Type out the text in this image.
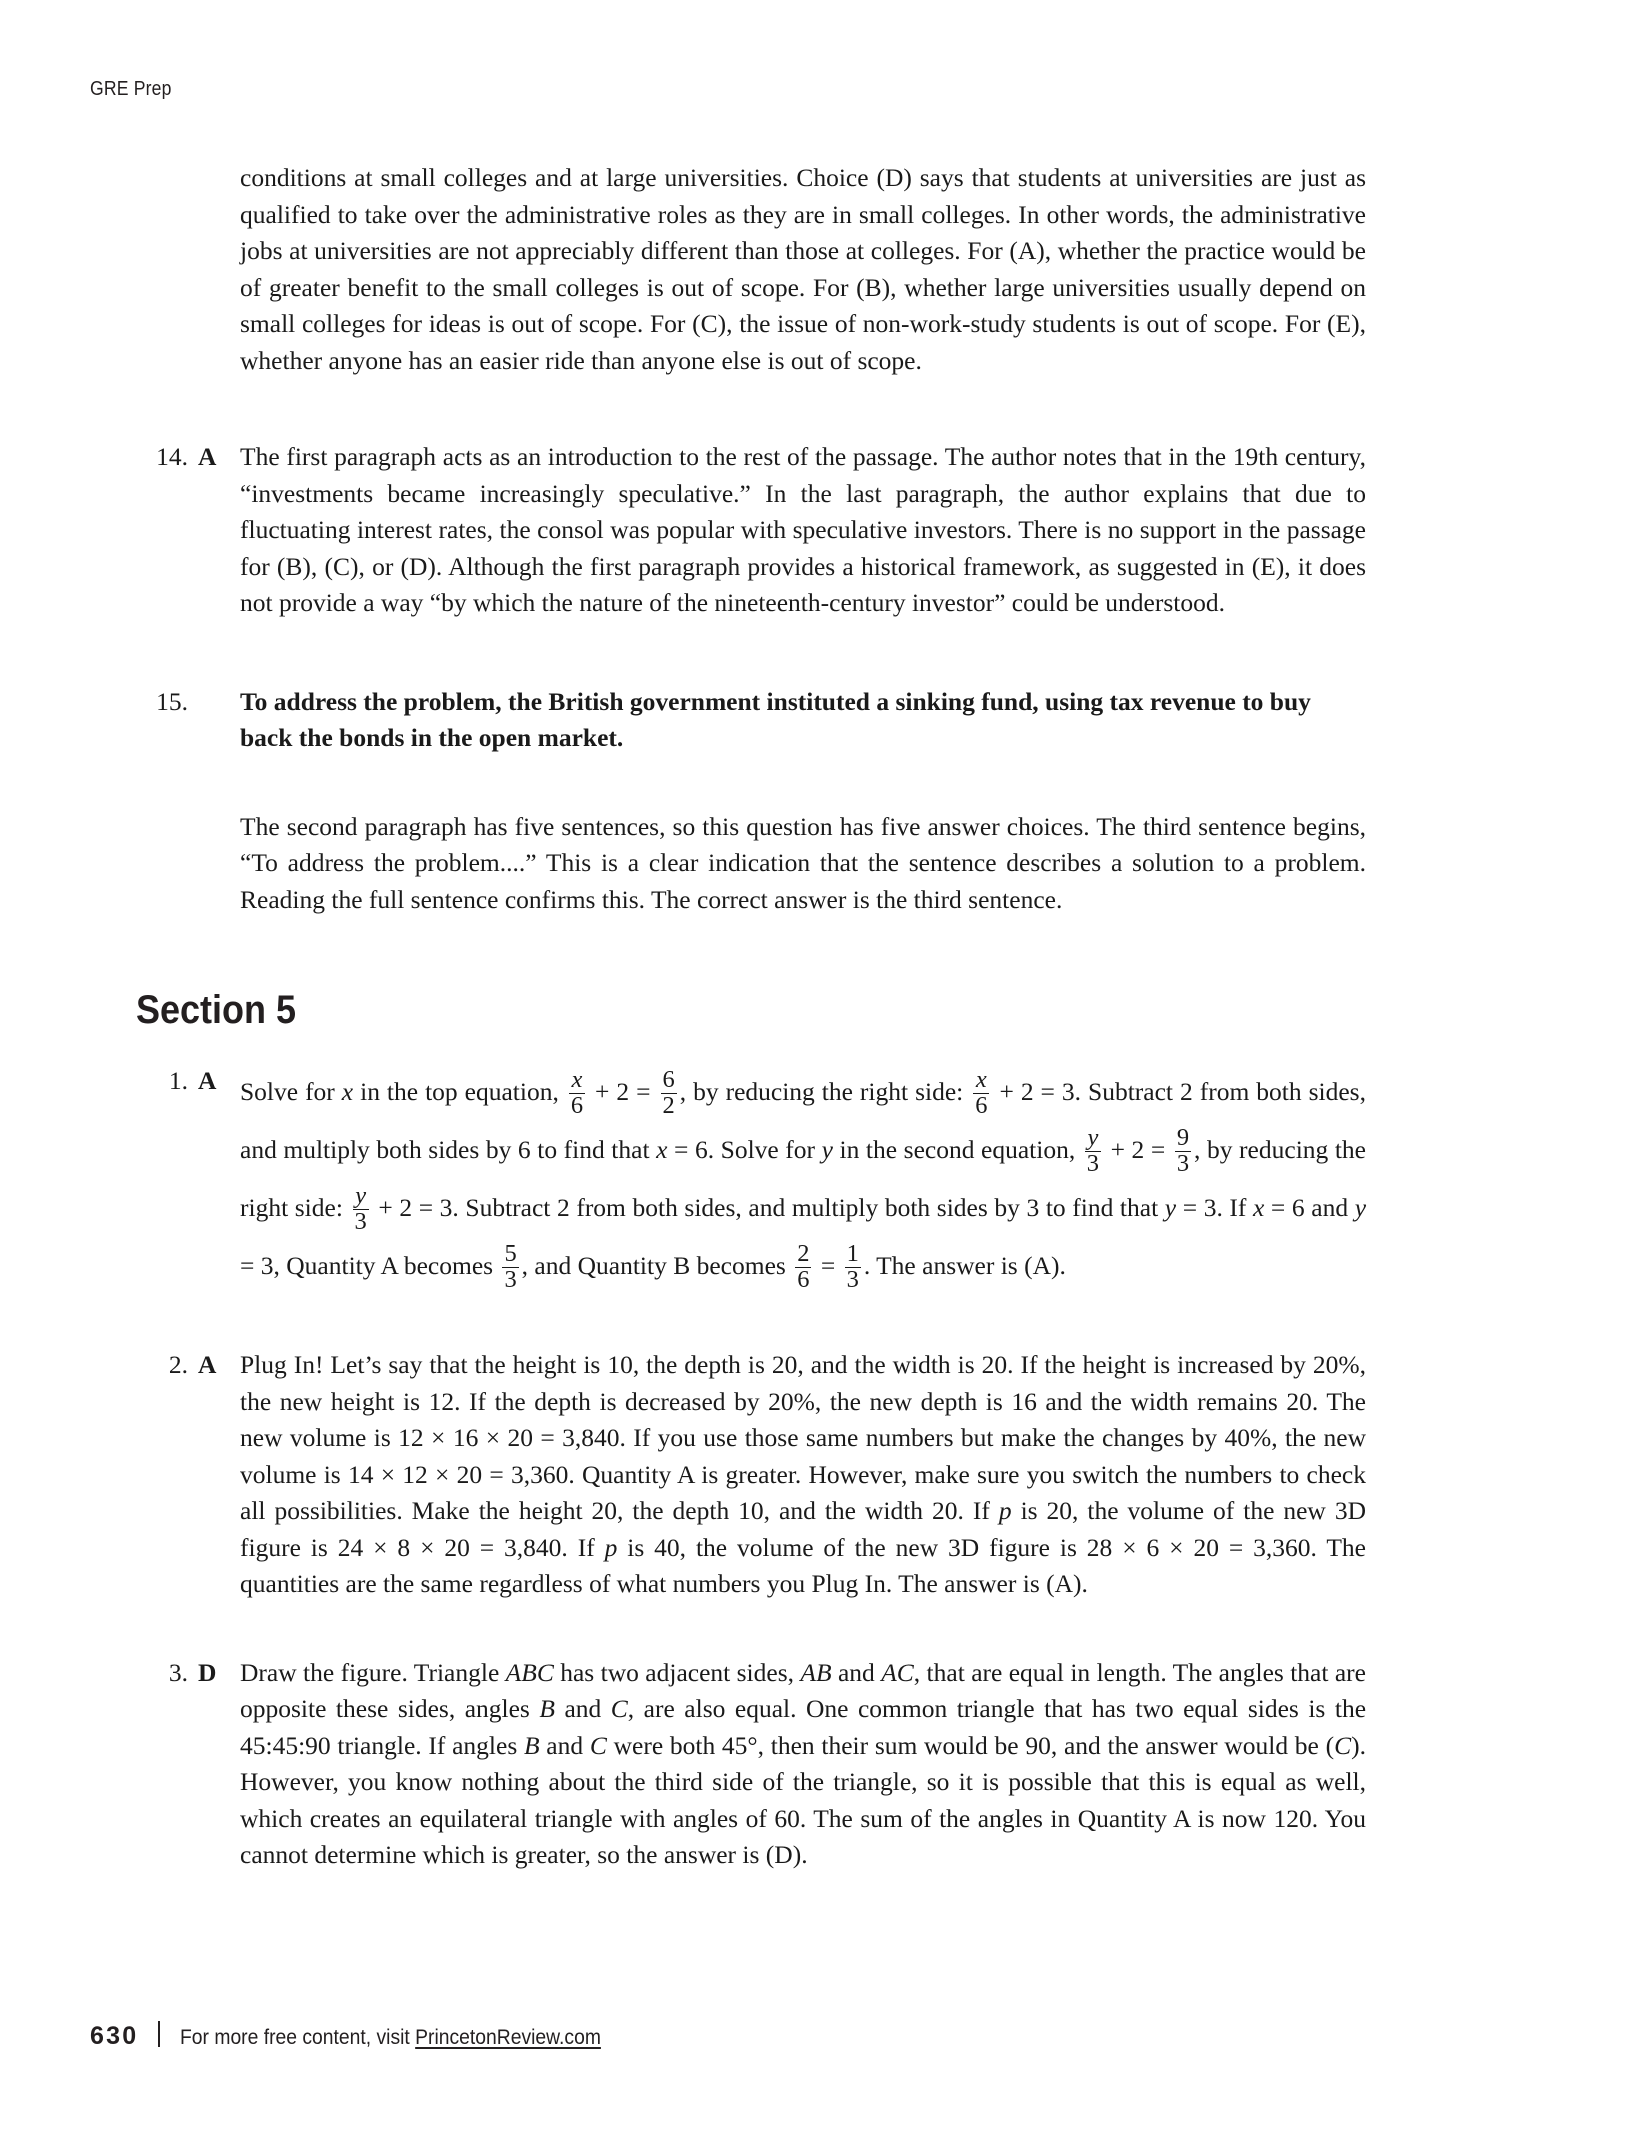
GRE Prep
conditions at small colleges and at large universities. Choice (D) says that students at universities are just as qualified to take over the administrative roles as they are in small colleges. In other words, the administrative jobs at universities are not appreciably different than those at colleges. For (A), whether the practice would be of greater benefit to the small colleges is out of scope. For (B), whether large universities usually depend on small colleges for ideas is out of scope. For (C), the issue of non-work-study students is out of scope. For (E), whether anyone has an easier ride than anyone else is out of scope.
14. A The first paragraph acts as an introduction to the rest of the passage. The author notes that in the 19th century, “investments became increasingly speculative.” In the last paragraph, the author explains that due to fluctuating interest rates, the consol was popular with speculative investors. There is no support in the passage for (B), (C), or (D). Although the first paragraph provides a historical framework, as suggested in (E), it does not provide a way “by which the nature of the nineteenth-century investor” could be understood.
15. To address the problem, the British government instituted a sinking fund, using tax revenue to buy back the bonds in the open market.

The second paragraph has five sentences, so this question has five answer choices. The third sentence begins, “To address the problem....” This is a clear indication that the sentence describes a solution to a problem. Reading the full sentence confirms this. The correct answer is the third sentence.

Section 5
1. A Solve for x in the top equation, $\frac{x}{6} + 2 = \frac{6}{2}$ , by reducing the right side: $\frac{x}{6} + 2 = 3$. Subtract 2 from both sides, and multiply both sides by 6 to find that x = 6. Solve for y in the second equation, $\frac{y}{3} + 2 = \frac{9}{3}$ , by reducing the right side: $\frac{y}{3} + 2 = 3$. Subtract 2 from both sides, and multiply both sides by 3 to find that y = 3. If x = 6 and y = 3, Quantity A becomes $\frac{5}{3}$ , and Quantity B becomes $\frac{2}{6} = \frac{1}{3}$ . The answer is (A).
2. A Plug In! Let’s say that the height is 10, the depth is 20, and the width is 20. If the height is increased by 20%, the new height is 12. If the depth is decreased by 20%, the new depth is 16 and the width remains 20. The new volume is 12 × 16 × 20 = 3,840. If you use those same numbers but make the changes by 40%, the new volume is 14 × 12 × 20 = 3,360. Quantity A is greater. However, make sure you switch the numbers to check all possibilities. Make the height 20, the depth 10, and the width 20. If p is 20, the volume of the new 3D figure is 24 × 8 × 20 = 3,840. If p is 40, the volume of the new 3D figure is 28 × 6 × 20 = 3,360. The quantities are the same regardless of what numbers you Plug In. The answer is (A).
3. D Draw the figure. Triangle ABC has two adjacent sides, AB and AC, that are equal in length. The angles that are opposite these sides, angles B and C, are also equal. One common triangle that has two equal sides is the 45:45:90 triangle. If angles B and C were both 45°, then their sum would be 90, and the answer would be (C). However, you know nothing about the third side of the triangle, so it is possible that this is equal as well, which creates an equilateral triangle with angles of 60. The sum of the angles in Quantity A is now 120. You cannot determine which is greater, so the answer is (D).
630 For more free content, visit PrincetonReview.com
